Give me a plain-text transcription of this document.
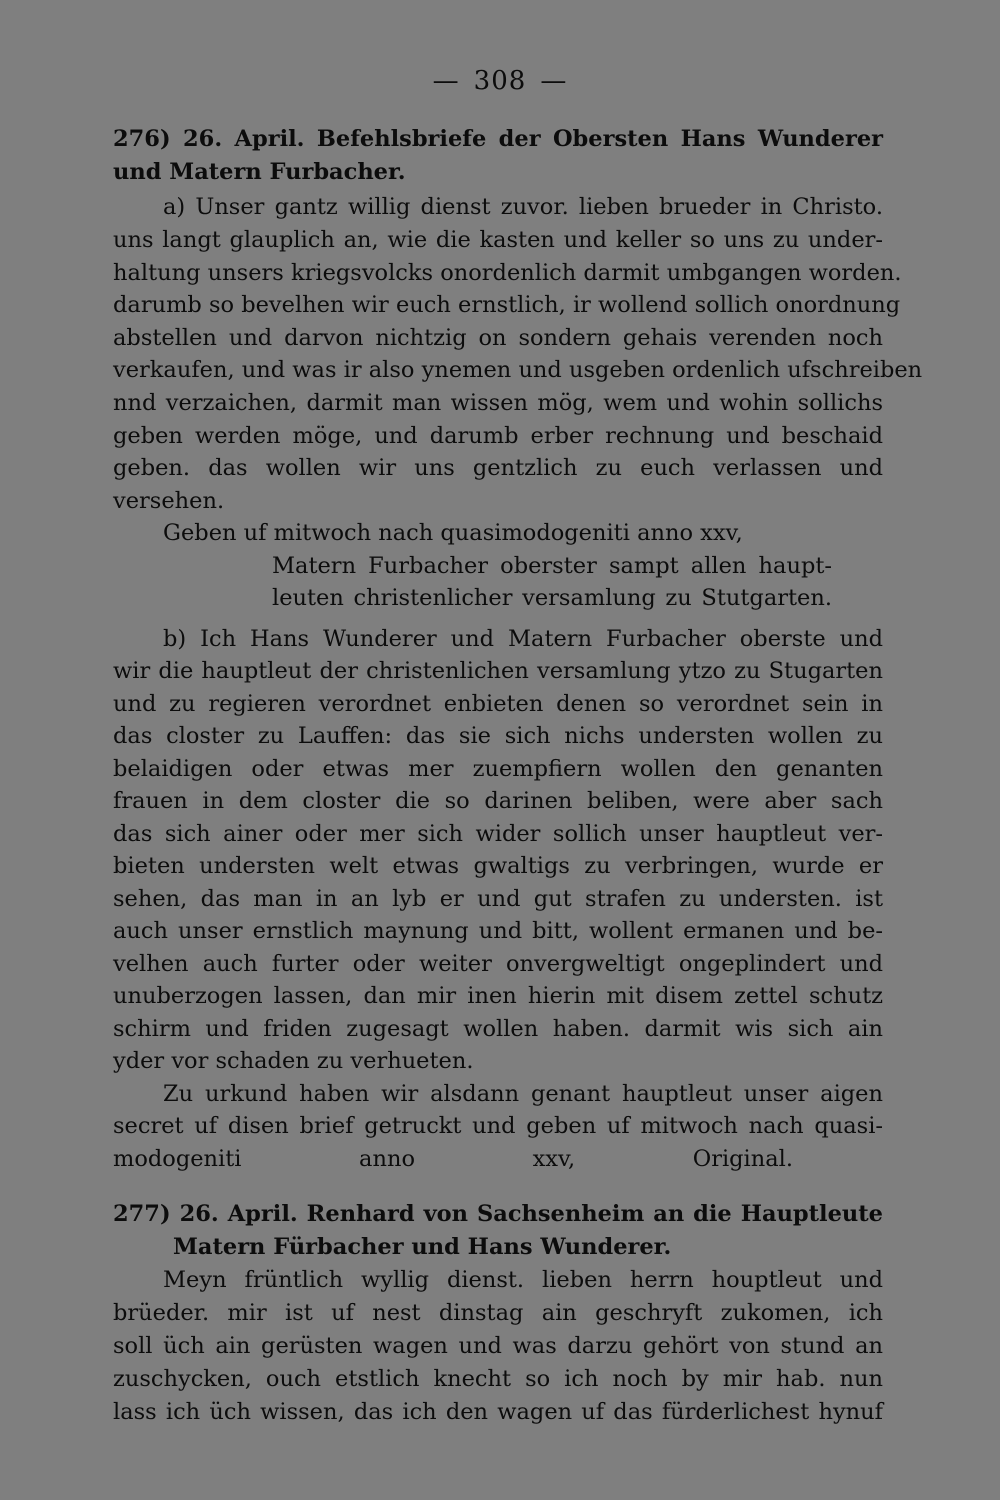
— 308 —
276) 26. April. Befehlsbriefe der Obersten Hans Wunderer
und Matern Furbacher.
a) Unser gantz willig dienst zuvor. lieben brueder in Christo.
uns langt glauplich an, wie die kasten und keller so uns zu under-
haltung unsers kriegsvolcks onordenlich darmit umbgangen worden.
darumb so bevelhen wir euch ernstlich, ir wollend sollich onordnung
abstellen und darvon nichtzig on sondern gehais verenden noch
verkaufen, und was ir also ynemen und usgeben ordenlich ufschreiben
nnd verzaichen, darmit man wissen mög, wem und wohin sollichs
geben werden möge, und darumb erber rechnung und beschaid
geben. das wollen wir uns gentzlich zu euch verlassen und
versehen.
Geben uf mitwoch nach quasimodogeniti anno xxv,
Matern Furbacher oberster sampt allen haupt-
leuten christenlicher versamlung zu Stutgarten.
b) Ich Hans Wunderer und Matern Furbacher oberste und
wir die hauptleut der christenlichen versamlung ytzo zu Stugarten
und zu regieren verordnet enbieten denen so verordnet sein in
das closter zu Lauffen: das sie sich nichs understen wollen zu
belaidigen oder etwas mer zuempfiern wollen den genanten
frauen in dem closter die so darinen beliben, were aber sach
das sich ainer oder mer sich wider sollich unser hauptleut ver-
bieten understen welt etwas gwaltigs zu verbringen, wurde er
sehen, das man in an lyb er und gut strafen zu understen. ist
auch unser ernstlich maynung und bitt, wollent ermanen und be-
velhen auch furter oder weiter onvergweltigt ongeplindert und
unuberzogen lassen, dan mir inen hierin mit disem zettel schutz
schirm und friden zugesagt wollen haben. darmit wis sich ain
yder vor schaden zu verhueten.
Zu urkund haben wir alsdann genant hauptleut unser aigen
secret uf disen brief getruckt und geben uf mitwoch nach quasi-
modogeniti anno xxv, Original.
277) 26. April. Renhard von Sachsenheim an die Hauptleute
Matern Fürbacher und Hans Wunderer.
Meyn früntlich wyllig dienst. lieben herrn houptleut und
brüeder. mir ist uf nest dinstag ain geschryft zukomen, ich
soll üch ain gerüsten wagen und was darzu gehört von stund an
zuschycken, ouch etstlich knecht so ich noch by mir hab. nun
lass ich üch wissen, das ich den wagen uf das fürderlichest hynuf
